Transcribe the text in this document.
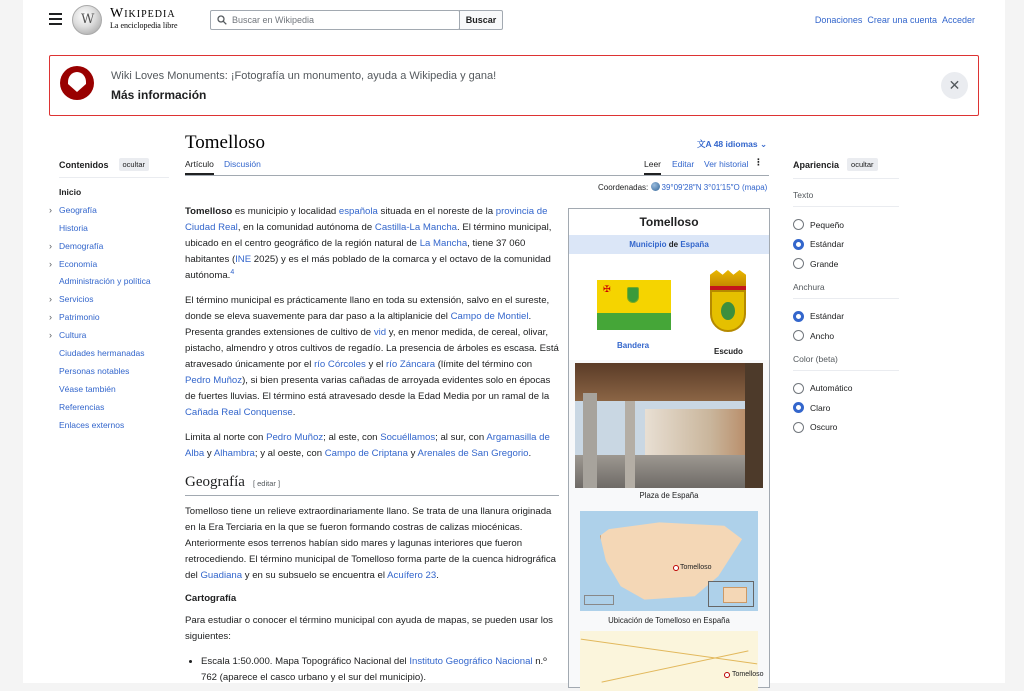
W
Wikipedia
La enciclopedia libre
Buscar en Wikipedia
Buscar	Donaciones Crear una cuenta Acceder
Wiki Loves Monuments: ¡Fotografía un monumento, ayuda a Wikipedia y gana!
Más información
✕
Contenidos	ocultar
Inicio
› Geografía
Historia
› Demografía
› Economía
Administración y política
› Servicios
› Patrimonio
› Cultura
Ciudades hermanadas
Personas notables
Véase también
Referencias
Enlaces externos
Tomelloso	文A 48 idiomas ⌄
Artículo Discusión	Leer Editar Ver historial ⋮
Coordenadas: 39°09′28″N 3°01′15″O (mapa)

Tomelloso es municipio y localidad española situada en el noreste de la provincia de Ciudad Real, en la comunidad autónoma de Castilla-La Mancha. El término municipal, ubicado en el centro geográfico de la región natural de La Mancha, tiene 37 060 habitantes (INE 2025) y es el más poblado de la comarca y el octavo de la comunidad autónoma.$^4$

El término municipal es prácticamente llano en toda su extensión, salvo en el sureste, donde se eleva suavemente para dar paso a la altiplanicie del Campo de Montiel. Presenta grandes extensiones de cultivo de vid y, en menor medida, de cereal, olivar, pistacho, almendro y otros cultivos de regadío. La presencia de árboles es escasa. Está atravesado únicamente por el río Córcoles y el río Záncara (límite del término con Pedro Muñoz), si bien presenta varias cañadas de arroyada evidentes solo en épocas de fuertes lluvias. El término está atravesado desde la Edad Media por un ramal de la Cañada Real Conquense.

Limita al norte con Pedro Muñoz; al este, con Socuéllamos; al sur, con Argamasilla de Alba y Alhambra; y al oeste, con Campo de Criptana y Arenales de San Gregorio.

Geografía [ editar ]

Tomelloso tiene un relieve extraordinariamente llano. Se trata de una llanura originada en la Era Terciaria en la que se fueron formando costras de calizas miocénicas. Anteriormente esos terrenos habían sido mares y lagunas interiores que fueron retrocediendo. El término municipal de Tomelloso forma parte de la cuenca hidrográfica del Guadiana y en su subsuelo se encuentra el Acuífero 23.

Cartografía

Para estudiar o conocer el término municipal con ayuda de mapas, se pueden usar los siguientes:

• Escala 1:50.000. Mapa Topográfico Nacional del Instituto Geográfico Nacional n.º 762 (aparece el casco urbano y el sur del municipio).
Tomelloso
Municipio de España
✠
Bandera
Escudo
Plaza de España
Tomelloso
Ubicación de Tomelloso en España
Tomelloso
Apariencia	ocultar
Texto
Pequeño
Estándar
Grande
Anchura
Estándar
Ancho
Color (beta)
Automático
Claro
Oscuro
